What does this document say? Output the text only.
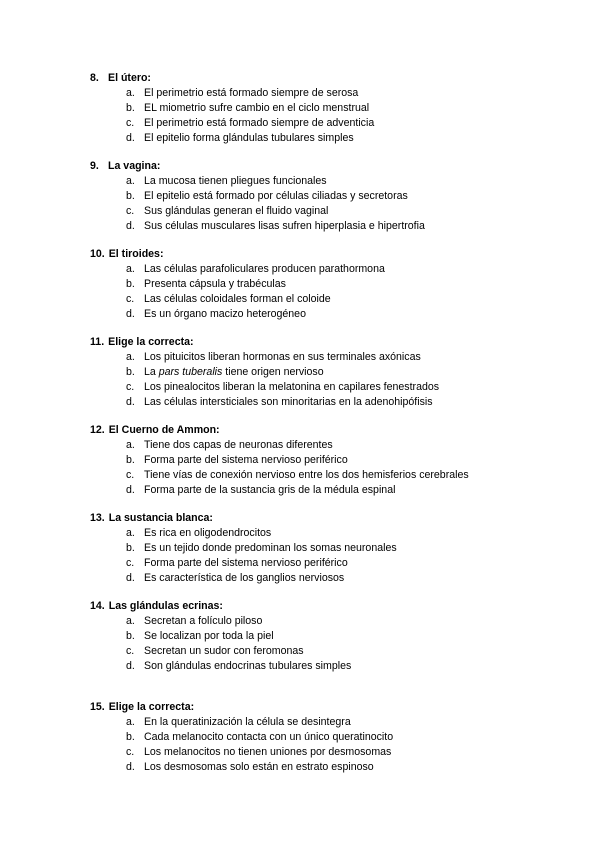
8. El útero:
a. El perimetrio está formado siempre de serosa
b. EL miometrio sufre cambio en el ciclo menstrual
c. El perimetrio está formado siempre de adventicia
d. El epitelio forma glándulas tubulares simples
9. La vagina:
a. La mucosa tienen pliegues funcionales
b. El epitelio está formado por células ciliadas y secretoras
c. Sus glándulas generan el fluido vaginal
d. Sus células musculares lisas sufren hiperplasia e hipertrofia
10. El tiroides:
a. Las células parafoliculares producen parathormona
b. Presenta cápsula y trabéculas
c. Las células coloidales forman el coloide
d. Es un órgano macizo heterogéneo
11. Elige la correcta:
a. Los pituicitos liberan hormonas en sus terminales axónicas
b. La pars tuberalis tiene origen nervioso
c. Los pinealocitos liberan la melatonina en capilares fenestrados
d. Las células intersticiales son minoritarias en la adenohipófisis
12. El Cuerno de Ammon:
a. Tiene dos capas de neuronas diferentes
b. Forma parte del sistema nervioso periférico
c. Tiene vías de conexión nervioso entre los dos hemisferios cerebrales
d. Forma parte de la sustancia gris de la médula espinal
13. La sustancia blanca:
a. Es rica en oligodendrocitos
b. Es un tejido donde predominan los somas neuronales
c. Forma parte del sistema nervioso periférico
d. Es característica de los ganglios nerviosos
14. Las glándulas ecrinas:
a. Secretan a folículo piloso
b. Se localizan por toda la piel
c. Secretan un sudor con feromonas
d. Son glándulas endocrinas tubulares simples
15. Elige la correcta:
a. En la queratinización la célula se desintegra
b. Cada melanocito contacta con un único queratinocito
c. Los melanocitos no tienen uniones por desmosomas
d. Los desmosomas solo están en estrato espinoso
